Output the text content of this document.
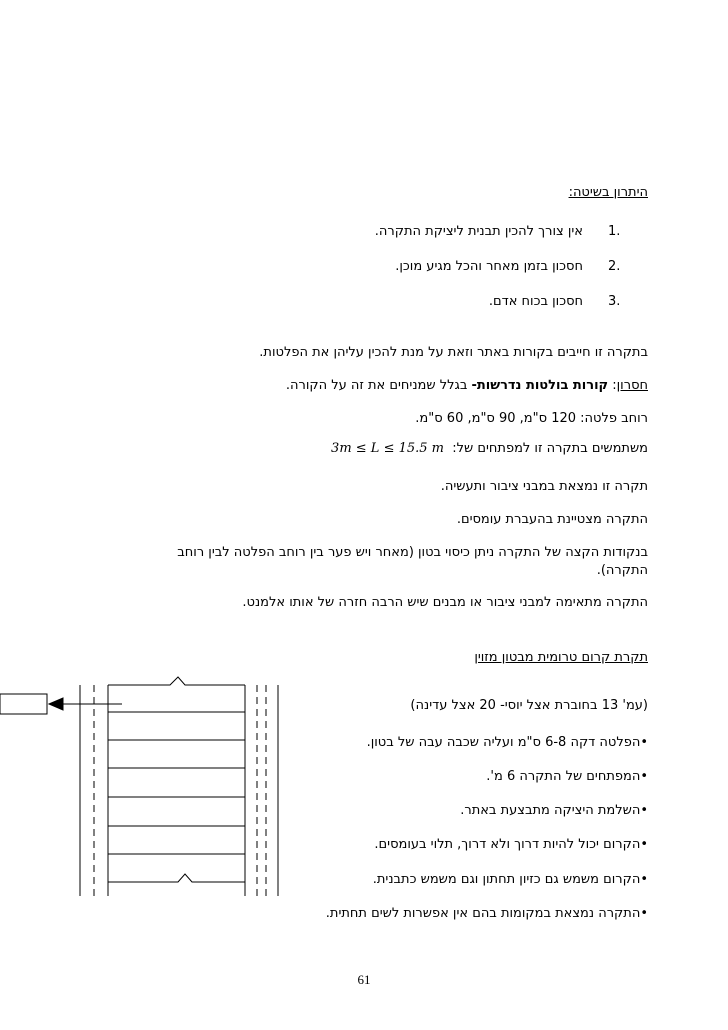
היתרון בשיטה:
1.
אין צורך להכין תבנית ליציקת התקרה.
2.
חסכון בזמן מאחר והכל מגיע מוכן.
3.
חסכון בכוח אדם.
בתקרה זו חייבים בקורות באתר וזאת על מנת להכין עליהן את הפלטות.
חסרון: קורות בולטות נדרשות- בגלל שמניחים את זה על הקורה.
רוחב פלטה: 120 ס"מ, 90 ס"מ, 60 ס"מ.
משתמשים בתקרה זו למפתחים של:  3m ≤ L ≤ 15.5 m
תקרה זו נמצאת במבני ציבור ותעשיה.
התקרה מצטיינת בהעברת עומסים.
בנקודות הקצה של התקרה ניתן כיסוי בטון (מאחר ויש פער בין רוחב הפלטה לבין רוחב התקרה).
התקרה מתאימה למבני ציבור או מבנים שיש הרבה חזרה של אותו אלמנט.
תקרת קרום טרומית מבטון מזוין
(עמ' 13 בחוברת אצל יוסי- 20 אצל עדינה)
•הפלטה דקה 6-8 ס"מ ועליה שכבה עבה של בטון.
•המפתחים של התקרה 6 מ'.
•השלמת היציקה מתבצעת באתר.
•הקרום יכול להיות דרוך ולא דרוך, תלוי בעומסים.
•הקרום משמש גם כזיון תחתון וגם משמש כתבנית.
•התקרה נמצאת במקומות בהם אין אפשרות לשים תחתית.
61
